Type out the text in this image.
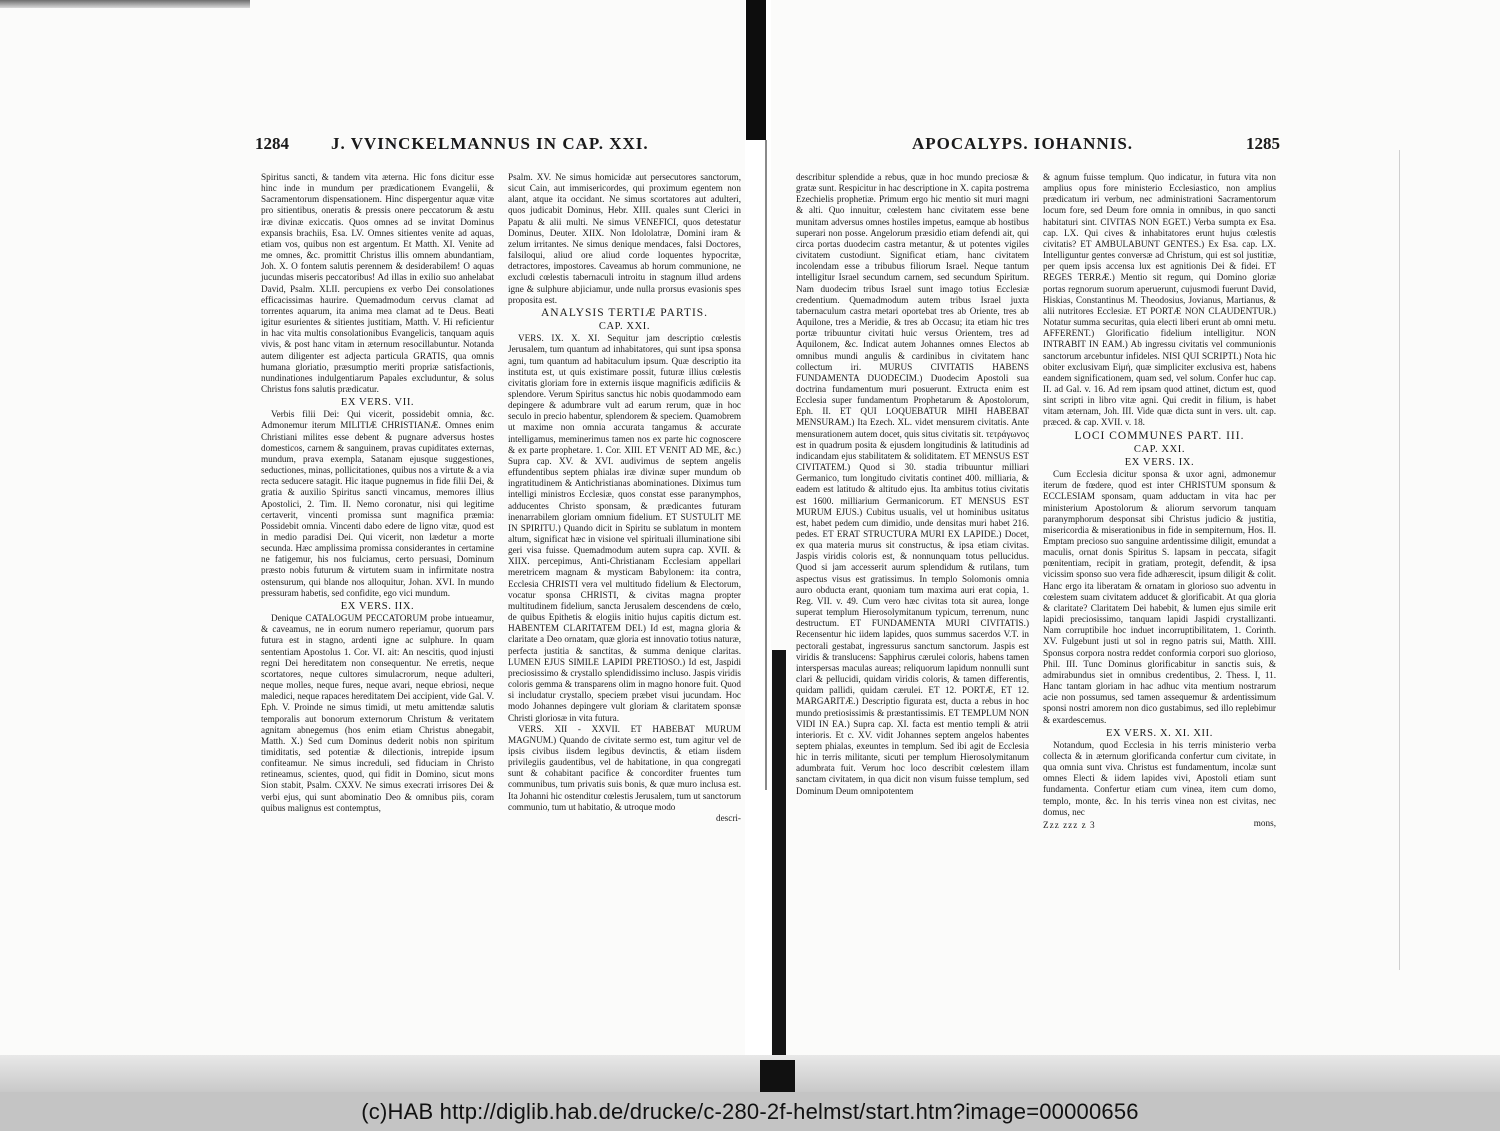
1284 J. VVINCKELMANNUS IN CAP. XXI.

Spiritus sancti, & tandem vita æterna. Hic fons dicitur esse hinc inde in mundum per prædicationem Evangelii, & Sacramentorum dispensationem. Hinc dispergentur aquæ vitæ pro sitientibus, oneratis & pressis onere peccatorum & æstu iræ divinæ exiccatis. Quos omnes ad se invitat Dominus expansis brachiis, Esa. LV. Omnes sitientes venite ad aquas, etiam vos, quibus non est argentum. Et Matth. XI. Venite ad me omnes, &c. promittit Christus illis omnem abundantiam, Joh. X. O fontem salutis perennem & desiderabilem! O aquas jucundas miseris peccatoribus! Ad illas in exilio suo anhelabat David, Psalm. XLII. percupiens ex verbo Dei consolationes efficacissimas haurire. Quemadmodum cervus clamat ad torrentes aquarum, ita anima mea clamat ad te Deus. Beati igitur esurientes & sitientes justitiam, Matth. V. Hi reficientur in hac vita multis consolationibus Evangelicis, tanquam aquis vivis, & post hanc vitam in æternum resocillabuntur. Notanda autem diligenter est adjecta particula GRATIS, qua omnis humana gloriatio, præsumptio meriti propriæ satisfactionis, nundinationes indulgentiarum Papales excluduntur, & solus Christus fons salutis prædicatur.

EX VERS. VII.

Verbis filii Dei: Qui vicerit, possidebit omnia, &c. Admonemur iterum MILITIÆ CHRISTIANÆ. Omnes enim Christiani milites esse debent & pugnare adversus hostes domesticos, carnem & sanguinem, pravas cupiditates externas, mundum, prava exempla, Satanam ejusque suggestiones, seductiones, minas, pollicitationes, quibus nos a virtute & a via recta seducere satagit. Hic itaque pugnemus in fide filii Dei, & gratia & auxilio Spiritus sancti vincamus, memores illius Apostolici, 2. Tim. II. Nemo coronatur, nisi qui legitime certaverit, vincenti promissa sunt magnifica præmia: Possidebit omnia. Vincenti dabo edere de ligno vitæ, quod est in medio paradisi Dei. Qui vicerit, non lædetur a morte secunda. Hæc amplissima promissa considerantes in certamine ne fatigemur, his nos fulciamus, certo persuasi, Dominum præsto nobis futurum & virtutem suam in infirmitate nostra ostensurum, qui blande nos alloquitur, Johan. XVI. In mundo pressuram habetis, sed confidite, ego vici mundum.

EX VERS. IIX.

Denique CATALOGUM PECCATORUM probe intueamur, & caveamus, ne in eorum numero reperiamur, quorum pars futura est in stagno, ardenti igne ac sulphure. In quam sententiam Apostolus 1. Cor. VI. ait: An nescitis, quod injusti regni Dei hereditatem non consequentur. Ne erretis, neque scortatores, neque cultores simulacrorum, neque adulteri, neque molles, neque fures, neque avari, neque ebriosi, neque maledici, neque rapaces hereditatem Dei accipient, vide Gal. V. Eph. V. Proinde ne simus timidi, ut metu amittendæ salutis temporalis aut bonorum externorum Christum & veritatem agnitam abnegemus (hos enim etiam Christus abnegabit, Matth. X.) Sed cum Dominus dederit nobis non spiritum timiditatis, sed potentiæ & dilectionis, intrepide ipsum confiteamur. Ne simus increduli, sed fiduciam in Christo retineamus, scientes, quod, qui fidit in Domino, sicut mons Sion stabit, Psalm. CXXV. Ne simus execrati irrisores Dei & verbi ejus, qui sunt abominatio Deo & omnibus piis, coram quibus malignus est contemptus,

Psalm. XV. Ne simus homicidæ aut persecutores sanctorum, sicut Cain, aut immisericordes, qui proximum egentem non alant, atque ita occidant. Ne simus scortatores aut adulteri, quos judicabit Dominus, Hebr. XIII. quales sunt Clerici in Papatu & alii multi. Ne simus VENEFICI, quos detestatur Dominus, Deuter. XIIX. Non Idololatræ, Domini iram & zelum irritantes. Ne simus denique mendaces, falsi Doctores, falsiloqui, aliud ore aliud corde loquentes hypocritæ, detractores, impostores. Caveamus ab horum communione, ne excludi cœlestis tabernaculi introitu in stagnum illud ardens igne & sulphure abjiciamur, unde nulla prorsus evasionis spes proposita est.

ANALYSIS TERTIÆ PARTIS.
CAP. XXI.

VERS. IX. X. XI. Sequitur jam descriptio cœlestis Jerusalem, tum quantum ad inhabitatores, qui sunt ipsa sponsa agni, tum quantum ad habitaculum ipsum. Quæ descriptio ita instituta est, ut quis existimare possit, futuræ illius cœlestis civitatis gloriam fore in externis iisque magnificis ædificiis & splendore. Verum Spiritus sanctus hic nobis quodammodo eam depingere & adumbrare vult ad earum rerum, quæ in hoc seculo in precio habentur, splendorem & speciem. Quamobrem ut maxime non omnia accurata tangamus & accurate intelligamus, meminerimus tamen nos ex parte hic cognoscere & ex parte prophetare. 1. Cor. XIII. ET VENIT AD ME, &c.) Supra cap. XV. & XVI. audivimus de septem angelis effundentibus septem phialas iræ divinæ super mundum ob ingratitudinem & Antichristianas abominationes. Diximus tum intelligi ministros Ecclesiæ, quos constat esse paranymphos, adducentes Christo sponsam, & prædicantes futuram inenarrabilem gloriam omnium fidelium. ET SUSTULIT ME IN SPIRITU.) Quando dicit in Spiritu se sublatum in montem altum, significat hæc in visione vel spirituali illuminatione sibi geri visa fuisse. Quemadmodum autem supra cap. XVII. & XIIX. percepimus, Anti-Christianam Ecclesiam appellari meretricem magnam & mysticam Babylonem: ita contra, Ecclesia CHRISTI vera vel multitudo fidelium & Electorum, vocatur sponsa CHRISTI, & civitas magna propter multitudinem fidelium, sancta Jerusalem descendens de cœlo, de quibus Epithetis & elogiis initio hujus capitis dictum est. HABENTEM CLARITATEM DEI.) Id est, magna gloria & claritate a Deo ornatam, quæ gloria est innovatio totius naturæ, perfecta justitia & sanctitas, & summa denique claritas. LUMEN EJUS SIMILE LAPIDI PRETIOSO.) Id est, Jaspidi preciosissimo & crystallo splendidissimo incluso. Jaspis viridis coloris gemma & transparens olim in magno honore fuit. Quod si includatur crystallo, speciem præbet visui jucundam. Hoc modo Johannes depingere vult gloriam & claritatem sponsæ Christi gloriosæ in vita futura.

VERS. XII - XXVII. ET HABEBAT MURUM MAGNUM.) Quando de civitate sermo est, tum agitur vel de ipsis civibus iisdem legibus devinctis, & etiam iisdem privilegiis gaudentibus, vel de habitatione, in qua congregati sunt & cohabitant pacifice & concorditer fruentes tum communibus, tum privatis suis bonis, & quæ muro inclusa est. Ita Johanni hic ostenditur cœlestis Jerusalem, tum ut sanctorum communio, tum ut habitatio, & utroque modo

descri-
APOCALYPS. IOHANNIS.	1285

describitur splendide a rebus, quæ in hoc mundo preciosæ & gratæ sunt. Respicitur in hac descriptione in X. capita postrema Ezechielis prophetiæ. Primum ergo hic mentio sit muri magni & alti. Quo innuitur, cœlestem hanc civitatem esse bene munitam adversus omnes hostiles impetus, eamque ab hostibus superari non posse. Angelorum præsidio etiam defendi ait, qui circa portas duodecim castra metantur, & ut potentes vigiles civitatem custodiunt. Significat etiam, hanc civitatem incolendam esse a tribubus filiorum Israel. Neque tantum intelligitur Israel secundum carnem, sed secundum Spiritum. Nam duodecim tribus Israel sunt imago totius Ecclesiæ credentium. Quemadmodum autem tribus Israel juxta tabernaculum castra metari oportebat tres ab Oriente, tres ab Aquilone, tres a Meridie, & tres ab Occasu; ita etiam hic tres portæ tribuuntur civitati huic versus Orientem, tres ad Aquilonem, &c. Indicat autem Johannes omnes Electos ab omnibus mundi angulis & cardinibus in civitatem hanc collectum iri. MURUS CIVITATIS HABENS FUNDAMENTA DUODECIM.) Duodecim Apostoli sua doctrina fundamentum muri posuerunt. Extructa enim est Ecclesia super fundamentum Prophetarum & Apostolorum, Eph. II. ET QUI LOQUEBATUR MIHI HABEBAT MENSURAM.) Ita Ezech. XL. videt mensurem civitatis. Ante mensurationem autem docet, quis situs civitatis sit. τετράγωνος est in quadrum posita & ejusdem longitudinis & latitudinis ad indicandam ejus stabilitatem & soliditatem. ET MENSUS EST CIVITATEM.) Quod si 30. stadia tribuuntur milliari Germanico, tum longitudo civitatis continet 400. milliaria, & eadem est latitudo & altitudo ejus. Ita ambitus totius civitatis est 1600. milliarium Germanicorum. ET MENSUS EST MURUM EJUS.) Cubitus usualis, vel ut hominibus usitatus est, habet pedem cum dimidio, unde densitas muri habet 216. pedes. ET ERAT STRUCTURA MURI EX LAPIDE.) Docet, ex qua materia murus sit constructus, & ipsa etiam civitas. Jaspis viridis coloris est, & nonnunquam totus pellucidus. Quod si jam accesserit aurum splendidum & rutilans, tum aspectus visus est gratissimus. In templo Solomonis omnia auro obducta erant, quoniam tum maxima auri erat copia, 1. Reg. VII. v. 49. Cum vero hæc civitas tota sit aurea, longe superat templum Hierosolymitanum typicum, terrenum, nunc destructum. ET FUNDAMENTA MURI CIVITATIS.) Recensentur hic iidem lapides, quos summus sacerdos V.T. in pectorali gestabat, ingressurus sanctum sanctorum. Jaspis est viridis & translucens: Sapphirus cærulei coloris, habens tamen interspersas maculas aureas; reliquorum lapidum nonnulli sunt clari & pellucidi, quidam viridis coloris, & tamen differentis, quidam pallidi, quidam cærulei. ET 12. PORTÆ, ET 12. MARGARITÆ.) Descriptio figurata est, ducta a rebus in hoc mundo pretiosissimis & præstantissimis. ET TEMPLUM NON VIDI IN EA.) Supra cap. XI. facta est mentio templi & atrii interioris. Et c. XV. vidit Johannes septem angelos habentes septem phialas, exeuntes in templum. Sed ibi agit de Ecclesia hic in terris militante, sicuti per templum Hierosolymitanum adumbrata fuit. Verum hoc loco describit cœlestem illam sanctam civitatem, in qua dicit non visum fuisse templum, sed Dominum Deum omnipotentem

& agnum fuisse templum. Quo indicatur, in futura vita non amplius opus fore ministerio Ecclesiastico, non amplius prædicatum iri verbum, nec administrationi Sacramentorum locum fore, sed Deum fore omnia in omnibus, in quo sancti habitaturi sint. CIVITAS NON EGET.) Verba sumpta ex Esa. cap. LX. Qui cives & inhabitatores erunt hujus cœlestis civitatis? ET AMBULABUNT GENTES.) Ex Esa. cap. LX. Intelliguntur gentes conversæ ad Christum, qui est sol justitiæ, per quem ipsis accensa lux est agnitionis Dei & fidei. ET REGES TERRÆ.) Mentio sit regum, qui Domino gloriæ portas regnorum suorum aperuerunt, cujusmodi fuerunt David, Hiskias, Constantinus M. Theodosius, Jovianus, Martianus, & alii nutritores Ecclesiæ. ET PORTÆ NON CLAUDENTUR.) Notatur summa securitas, quia electi liberi erunt ab omni metu. AFFERENT.) Glorificatio fidelium intelligitur. NON INTRABIT IN EAM.) Ab ingressu civitatis vel communionis sanctorum arcebuntur infideles. NISI QUI SCRIPTI.) Nota hic obiter exclusivam Εἰμή, quæ simpliciter exclusiva est, habens eandem significationem, quam sed, vel solum. Confer huc cap. II. ad Gal. v. 16. Ad rem ipsam quod attinet, dictum est, quod sint scripti in libro vitæ agni. Qui credit in filium, is habet vitam æternam, Joh. III. Vide quæ dicta sunt in vers. ult. cap. præced. & cap. XVII. v. 18.

LOCI COMMUNES PART. III.
CAP. XXI.
EX VERS. IX.

Cum Ecclesia dicitur sponsa & uxor agni, admonemur iterum de fœdere, quod est inter CHRISTUM sponsum & ECCLESIAM sponsam, quam adductam in vita hac per ministerium Apostolorum & aliorum servorum tanquam paranymphorum desponsat sibi Christus judicio & justitia, misericordia & miserationibus in fide in sempiternum, Hos. II. Emptam precioso suo sanguine ardentissime diligit, emundat a maculis, ornat donis Spiritus S. lapsam in peccata, sifagit pœnitentiam, recipit in gratiam, protegit, defendit, & ipsa vicissim sponso suo vera fide adhærescit, ipsum diligit & colit. Hanc ergo ita liberatam & ornatam in glorioso suo adventu in cœlestem suam civitatem adducet & glorificabit. At qua gloria & claritate? Claritatem Dei habebit, & lumen ejus simile erit lapidi preciosissimo, tanquam lapidi Jaspidi crystallizanti. Nam corruptibile hoc induet incorruptibilitatem, 1. Corinth. XV. Fulgebunt justi ut sol in regno patris sui, Matth. XIII. Sponsus corpora nostra reddet conformia corpori suo glorioso, Phil. III. Tunc Dominus glorificabitur in sanctis suis, & admirabundus siet in omnibus credentibus, 2. Thess. I, 11. Hanc tantam gloriam in hac adhuc vita mentium nostrarum acie non possumus, sed tamen assequemur & ardentissimum sponsi nostri amorem non dico gustabimus, sed illo replebimur & exardescemus.

EX VERS. X. XI. XII.

Notandum, quod Ecclesia in his terris ministerio verba collecta & in æternum glorificanda confertur cum civitate, in qua omnia sunt viva. Christus est fundamentum, incolæ sunt omnes Electi & iidem lapides vivi, Apostoli etiam sunt fundamenta. Confertur etiam cum vinea, item cum domo, templo, monte, &c. In his terris vinea non est civitas, nec domus, nec

Zzz zzz z 3	mons,
(c)HAB http://diglib.hab.de/drucke/c-280-2f-helmst/start.htm?image=00000656
